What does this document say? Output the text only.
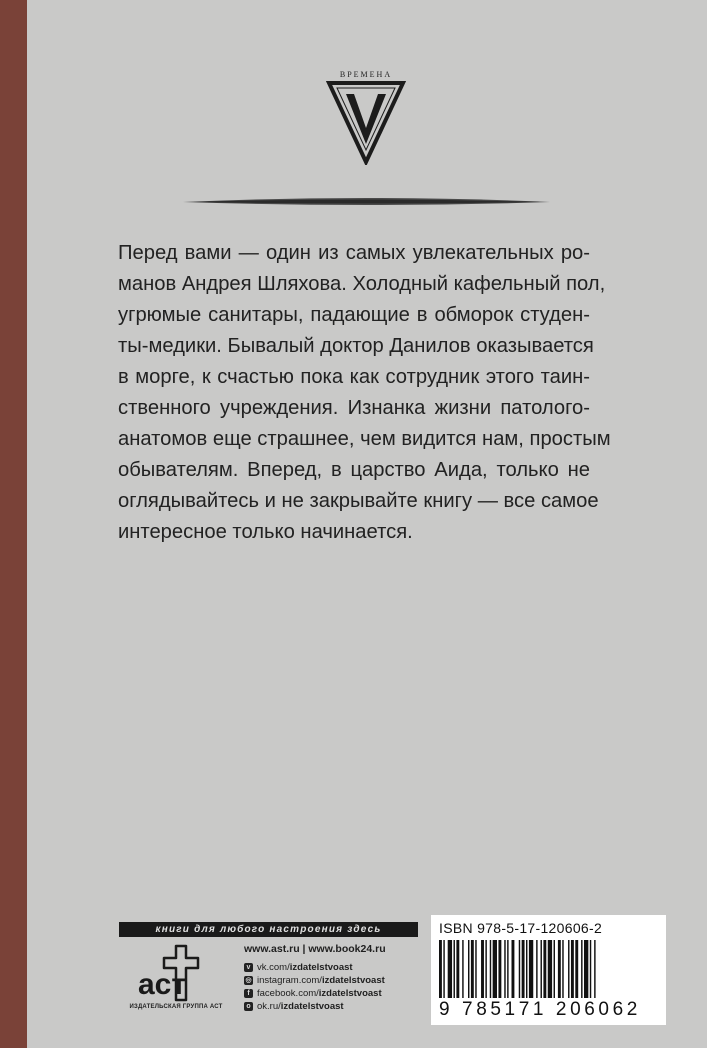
ВРЕМЕНА
Перед вами — один из самых увлекательных ро-
манов Андрея Шляхова. Холодный кафельный пол,
угрюмые санитары, падающие в обморок студен-
ты-медики. Бывалый доктор Данилов оказывается
в морге, к счастью пока как сотрудник этого таин-
ственного учреждения. Изнанка жизни патолого-
анатомов еще страшнее, чем видится нам, простым
обывателям. Вперед, в царство Аида, только не
оглядывайтесь и не закрывайте книгу — все самое
интересное только начинается.
книги для любого настроения здесь
аст
ИЗДАТЕЛЬСКАЯ ГРУППА АСТ
www.ast.ru | www.book24.ru
v vk.com/ izdatelstvoast
◎ instagram.com/ izdatelstvoast
f facebook.com/ izdatelstvoast
o ok.ru/ izdatelstvoast
ISBN 978-5-17-120606-2
9 785171 206062
